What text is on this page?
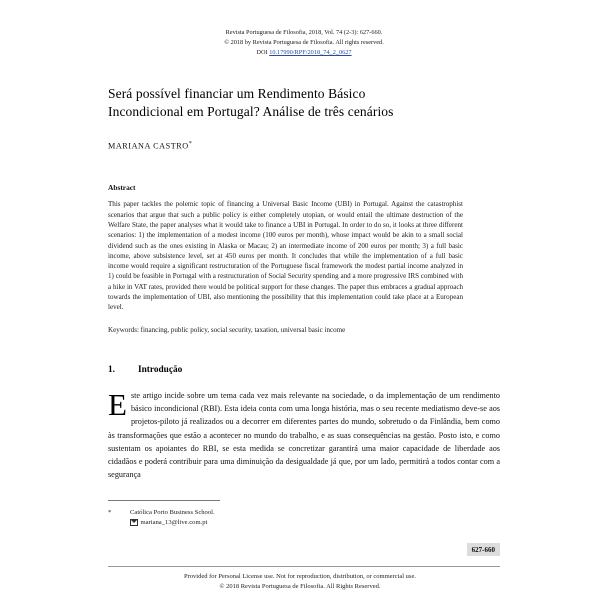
Revista Portuguesa de Filosofia, 2018, Vol. 74 (2-3): 627-660.
© 2018 by Revista Portuguesa de Filosofia. All rights reserved.
DOI 10.17990/RPF/2018_74_2_0627
Será possível financiar um Rendimento Básico
Incondicional em Portugal? Análise de três cenários
MARIANA CASTRO*
Abstract
This paper tackles the polemic topic of financing a Universal Basic Income (UBI) in Portugal. Against the catastrophist scenarios that argue that such a public policy is either completely utopian, or would entail the ultimate destruction of the Welfare State, the paper analyses what it would take to finance a UBI in Portugal. In order to do so, it looks at three different scenarios: 1) the implementation of a modest income (100 euros per month), whose impact would be akin to a small social dividend such as the ones existing in Alaska or Macau; 2) an intermediate income of 200 euros per month; 3) a full basic income, above subsistence level, set at 450 euros per month. It concludes that while the implementation of a full basic income would require a significant restructuration of the Portuguese fiscal framework the modest partial income analyzed in 1) could be feasible in Portugal with a restructuration of Social Security spending and a more progressive IRS combined with a hike in VAT rates, provided there would be political support for these changes. The paper thus embraces a gradual approach towards the implementation of UBI, also mentioning the possibility that this implementation could take place at a European level.
Keywords: financing, public policy, social security, taxation, universal basic income
1.	Introdução
E ste artigo incide sobre um tema cada vez mais relevante na sociedade, o da implementação de um rendimento básico incondicional (RBI). Esta ideia conta com uma longa história, mas o seu recente mediatismo deve-se aos projetos-piloto já realizados ou a decorrer em diferentes partes do mundo, sobretudo o da Finlândia, bem como às transformações que estão a acontecer no mundo do trabalho, e as suas consequências na gestão. Posto isto, e como sustentam os apoiantes do RBI, se esta medida se concretizar garantirá uma maior capacidade de liberdade aos cidadãos e poderá contribuir para uma diminuição da desigualdade já que, por um lado, permitirá a todos contar com a segurança
*	Católica Porto Business School.
mariana_13@live.com.pt
627-660
Provided for Personal License use. Not for reproduction, distribution, or commercial use.
© 2018 Revista Portuguesa de Filosofia. All Rights Reserved.
